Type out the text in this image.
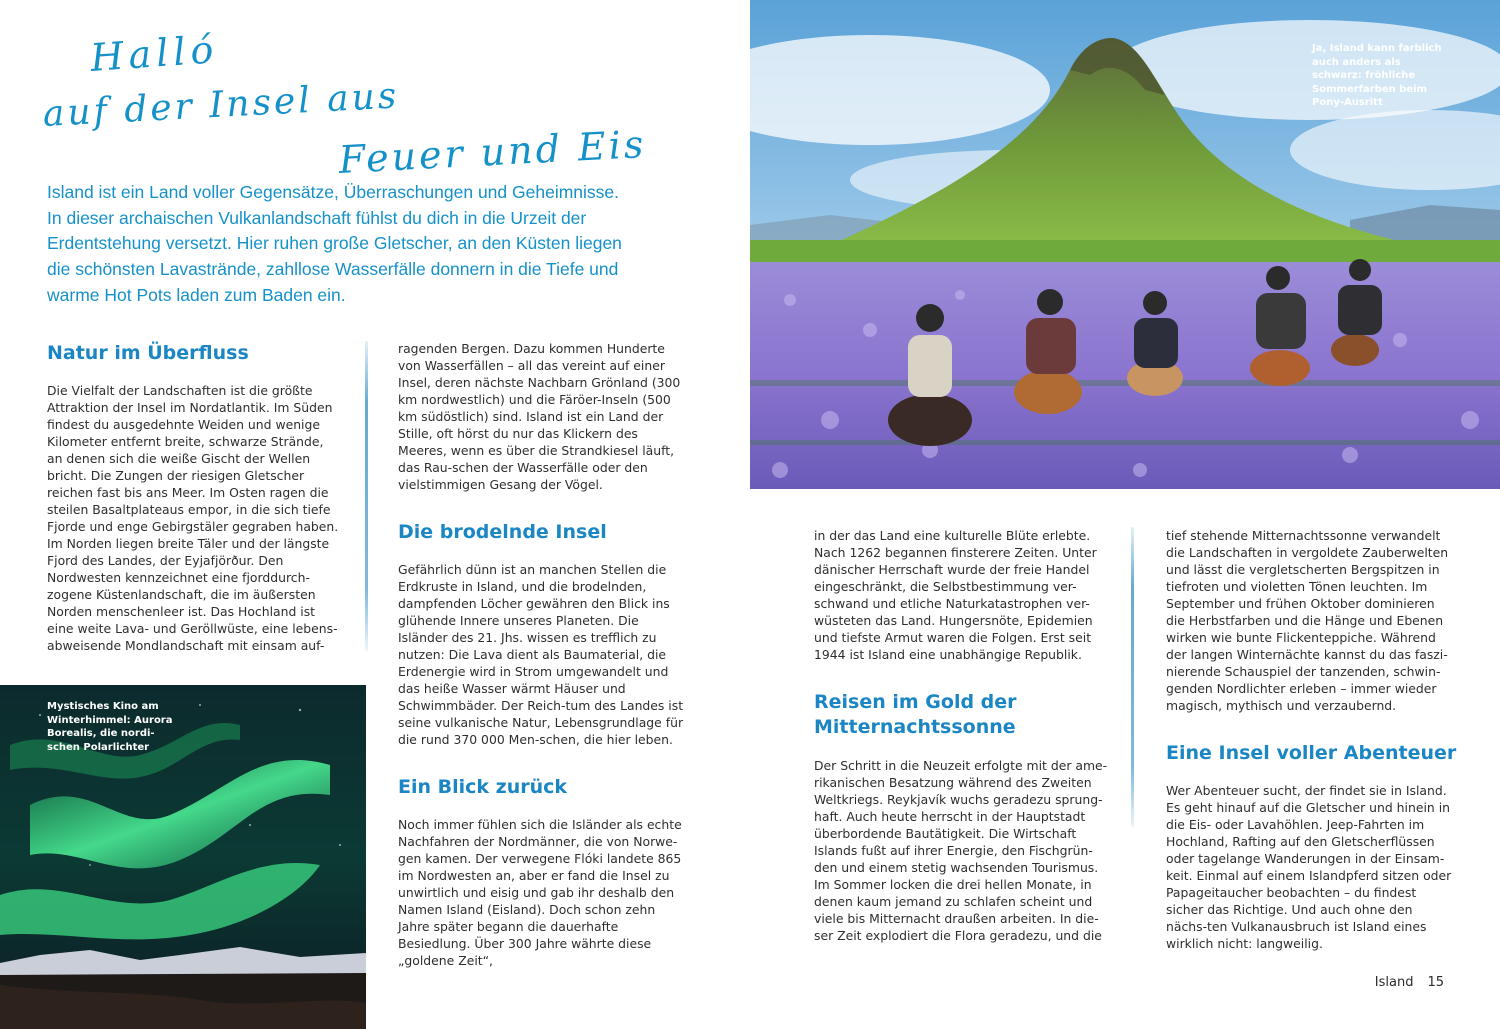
Halló
auf der Insel aus
Feuer und Eis
Island ist ein Land voller Gegensätze, Überraschungen und Geheimnisse. In dieser archaischen Vulkanlandschaft fühlst du dich in die Urzeit der Erdentstehung versetzt. Hier ruhen große Gletscher, an den Küsten liegen die schönsten Lavastrände, zahllose Wasserfälle donnern in die Tiefe und warme Hot Pots laden zum Baden ein.
Natur im Überfluss

Die Vielfalt der Landschaften ist die größte Attraktion der Insel im Nordatlantik. Im Süden findest du ausgedehnte Weiden und wenige Kilometer entfernt breite, schwarze Strände, an denen sich die weiße Gischt der Wellen bricht. Die Zungen der riesigen Gletscher reichen fast bis ans Meer. Im Osten ragen die steilen Basaltplateaus empor, in die sich tiefe Fjorde und enge Gebirgstäler gegraben haben. Im Norden liegen breite Täler und der längste Fjord des Landes, der Eyjafjörður. Den Nordwesten kennzeichnet eine fjorddurch-zogene Küstenlandschaft, die im äußersten Norden menschenleer ist. Das Hochland ist eine weite Lava- und Geröllwüste, eine lebens-abweisende Mondlandschaft mit einsam auf-

ragenden Bergen. Dazu kommen Hunderte von Wasserfällen – all das vereint auf einer Insel, deren nächste Nachbarn Grönland (300 km nordwestlich) und die Färöer-Inseln (500 km südöstlich) sind. Island ist ein Land der Stille, oft hörst du nur das Klickern des Meeres, wenn es über die Strandkiesel läuft, das Rau-schen der Wasserfälle oder den vielstimmigen Gesang der Vögel.

Die brodelnde Insel

Gefährlich dünn ist an manchen Stellen die Erdkruste in Island, und die brodelnden, dampfenden Löcher gewähren den Blick ins glühende Innere unseres Planeten. Die Isländer des 21. Jhs. wissen es trefflich zu nutzen: Die Lava dient als Baumaterial, die Erdenergie wird in Strom umgewandelt und das heiße Wasser wärmt Häuser und Schwimmbäder. Der Reich-tum des Landes ist seine vulkanische Natur, Lebensgrundlage für die rund 370 000 Men-schen, die hier leben.

Ein Blick zurück

Noch immer fühlen sich die Isländer als echte Nachfahren der Nordmänner, die von Norwe-gen kamen. Der verwegene Flóki landete 865 im Nordwesten an, aber er fand die Insel zu unwirtlich und eisig und gab ihr deshalb den Namen Island (Eisland). Doch schon zehn Jahre später begann die dauerhafte Besiedlung. Über 300 Jahre währte diese „goldene Zeit“,

in der das Land eine kulturelle Blüte erlebte. Nach 1262 begannen finsterere Zeiten. Unter dänischer Herrschaft wurde der freie Handel eingeschränkt, die Selbstbestimmung ver-schwand und etliche Naturkatastrophen ver-wüsteten das Land. Hungersnöte, Epidemien und tiefste Armut waren die Folgen. Erst seit 1944 ist Island eine unabhängige Republik.

Reisen im Gold der Mitternachtssonne

Der Schritt in die Neuzeit erfolgte mit der ame-rikanischen Besatzung während des Zweiten Weltkriegs. Reykjavík wuchs geradezu sprung-haft. Auch heute herrscht in der Hauptstadt überbordende Bautätigkeit. Die Wirtschaft Islands fußt auf ihrer Energie, den Fischgrün-den und einem stetig wachsenden Tourismus. Im Sommer locken die drei hellen Monate, in denen kaum jemand zu schlafen scheint und viele bis Mitternacht draußen arbeiten. In die-ser Zeit explodiert die Flora geradezu, und die

tief stehende Mitternachtssonne verwandelt die Landschaften in vergoldete Zauberwelten und lässt die vergletscherten Bergspitzen in tiefroten und violetten Tönen leuchten. Im September und frühen Oktober dominieren die Herbstfarben und die Hänge und Ebenen wirken wie bunte Flickenteppiche. Während der langen Winternächte kannst du das faszi-nierende Schauspiel der tanzenden, schwin-genden Nordlichter erleben – immer wieder magisch, mythisch und verzaubernd.

Eine Insel voller Abenteuer

Wer Abenteuer sucht, der findet sie in Island. Es geht hinauf auf die Gletscher und hinein in die Eis- oder Lavahöhlen. Jeep-Fahrten im Hochland, Rafting auf den Gletscherflüssen oder tagelange Wanderungen in der Einsam-keit. Einmal auf einem Islandpferd sitzen oder Papageitaucher beobachten – du findest sicher das Richtige. Und auch ohne den nächs-ten Vulkanausbruch ist Island eines wirklich nicht: langweilig.

Ja, Island kann farblich auch anders als schwarz: fröhliche Sommerfarben beim Pony-Ausritt
Mystisches Kino am Winterhimmel: Aurora Borealis, die nordi-schen Polarlichter
Island 15
